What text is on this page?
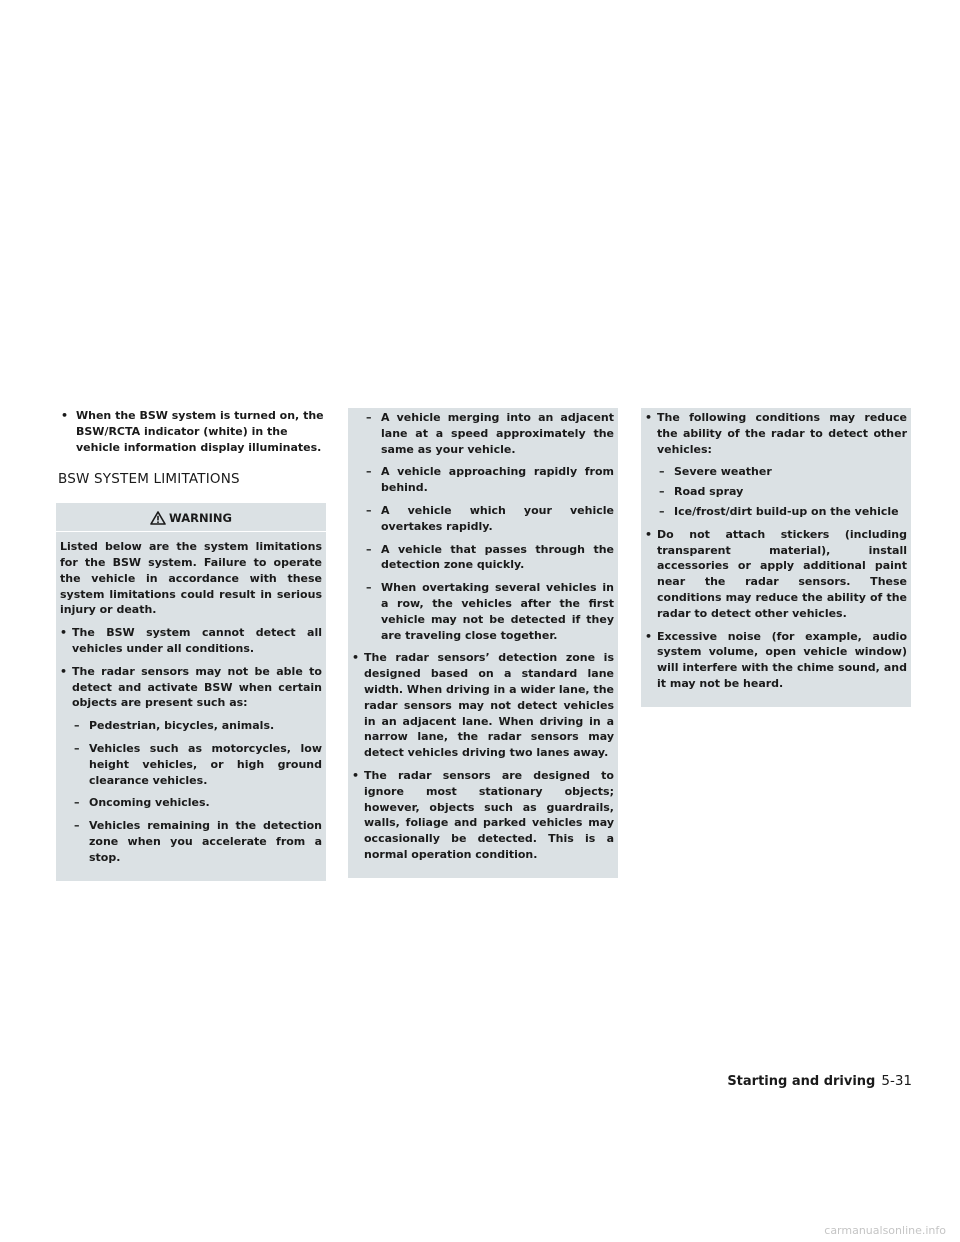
• When the BSW system is turned on, the BSW/RCTA indicator (white) in the vehicle information display illuminates.
BSW SYSTEM LIMITATIONS
WARNING

Listed below are the system limitations for the BSW system. Failure to operate the vehicle in accordance with these system limitations could result in serious injury or death.

• The BSW system cannot detect all vehicles under all conditions.
• The radar sensors may not be able to detect and activate BSW when certain objects are present such as:
– Pedestrian, bicycles, animals.
– Vehicles such as motorcycles, low height vehicles, or high ground clearance vehicles.
– Oncoming vehicles.
– Vehicles remaining in the detection zone when you accelerate from a stop.
– A vehicle merging into an adjacent lane at a speed approximately the same as your vehicle.
– A vehicle approaching rapidly from behind.
– A vehicle which your vehicle overtakes rapidly.
– A vehicle that passes through the detection zone quickly.
– When overtaking several vehicles in a row, the vehicles after the first vehicle may not be detected if they are traveling close together.
• The radar sensors’ detection zone is designed based on a standard lane width. When driving in a wider lane, the radar sensors may not detect vehicles in an adjacent lane. When driving in a narrow lane, the radar sensors may detect vehicles driving two lanes away.
• The radar sensors are designed to ignore most stationary objects; however, objects such as guardrails, walls, foliage and parked vehicles may occasionally be detected. This is a normal operation condition.
• The following conditions may reduce the ability of the radar to detect other vehicles:
– Severe weather
– Road spray
– Ice/frost/dirt build-up on the vehicle
• Do not attach stickers (including transparent material), install accessories or apply additional paint near the radar sensors. These conditions may reduce the ability of the radar to detect other vehicles.
• Excessive noise (for example, audio system volume, open vehicle window) will interfere with the chime sound, and it may not be heard.
Starting and driving 5-31
carmanualsonline.info
